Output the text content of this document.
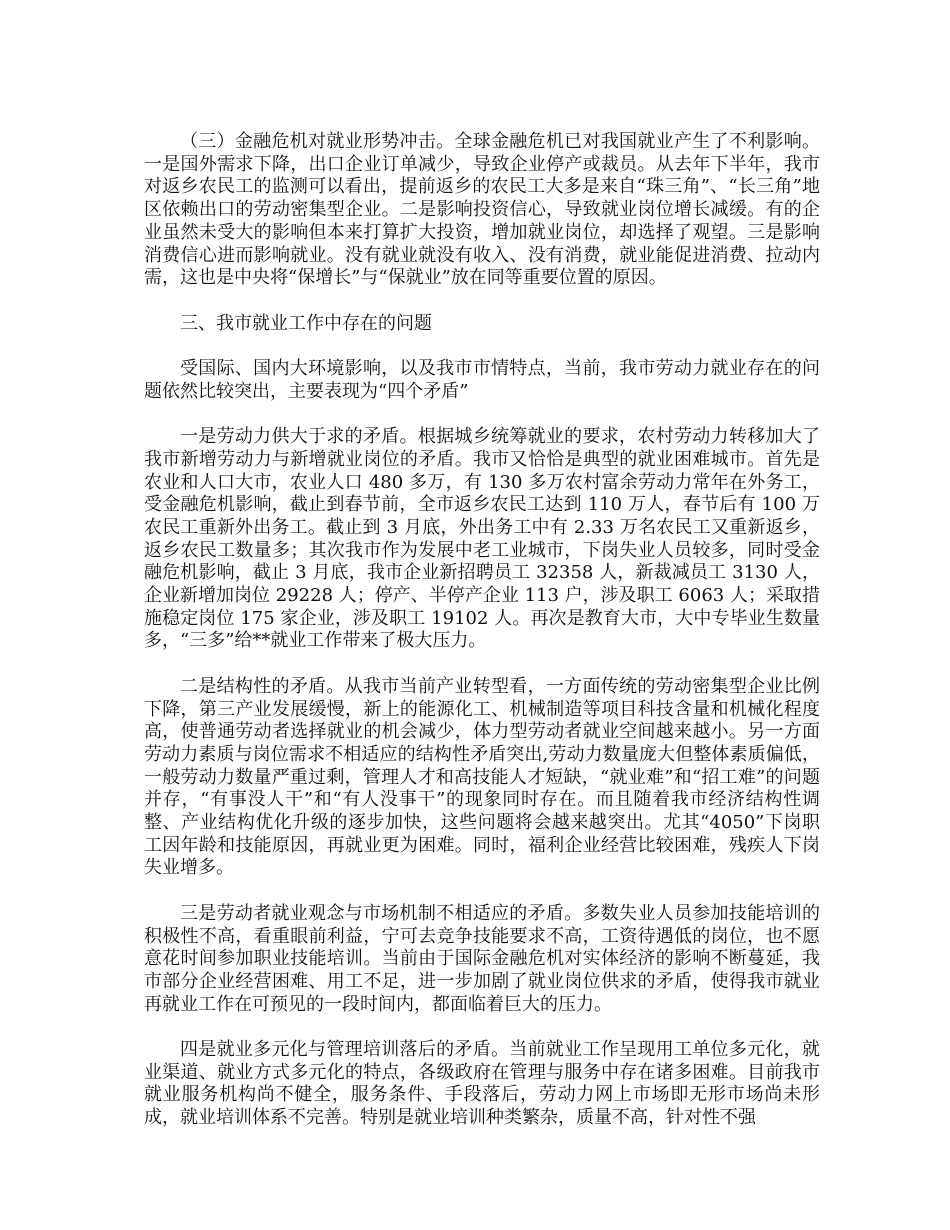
（三）金融危机对就业形势冲击。全球金融危机已对我国就业产生了不利影响。一是国外需求下降，出口企业订单减少，导致企业停产或裁员。从去年下半年，我市对返乡农民工的监测可以看出，提前返乡的农民工大多是来自“珠三角”、“长三角”地区依赖出口的劳动密集型企业。二是影响投资信心，导致就业岗位增长减缓。有的企业虽然未受大的影响但本来打算扩大投资，增加就业岗位，却选择了观望。三是影响消费信心进而影响就业。没有就业就没有收入、没有消费，就业能促进消费、拉动内需，这也是中央将“保增长”与“保就业”放在同等重要位置的原因。

三、我市就业工作中存在的问题

受国际、国内大环境影响，以及我市市情特点，当前，我市劳动力就业存在的问题依然比较突出，主要表现为“四个矛盾”

一是劳动力供大于求的矛盾。根据城乡统筹就业的要求，农村劳动力转移加大了我市新增劳动力与新增就业岗位的矛盾。我市又恰恰是典型的就业困难城市。首先是农业和人口大市，农业人口 480 多万，有 130 多万农村富余劳动力常年在外务工，受金融危机影响，截止到春节前，全市返乡农民工达到 110 万人，春节后有 100 万农民工重新外出务工。截止到 3 月底，外出务工中有 2.33 万名农民工又重新返乡，返乡农民工数量多；其次我市作为发展中老工业城市，下岗失业人员较多，同时受金融危机影响，截止 3 月底，我市企业新招聘员工 32358 人，新裁减员工 3130 人，企业新增加岗位 29228 人；停产、半停产企业 113 户，涉及职工 6063 人；采取措施稳定岗位 175 家企业，涉及职工 19102 人。再次是教育大市，大中专毕业生数量多，“三多”给**就业工作带来了极大压力。

二是结构性的矛盾。从我市当前产业转型看，一方面传统的劳动密集型企业比例下降，第三产业发展缓慢，新上的能源化工、机械制造等项目科技含量和机械化程度高，使普通劳动者选择就业的机会减少，体力型劳动者就业空间越来越小。另一方面劳动力素质与岗位需求不相适应的结构性矛盾突出,劳动力数量庞大但整体素质偏低，一般劳动力数量严重过剩，管理人才和高技能人才短缺，“就业难”和“招工难”的问题并存，“有事没人干”和“有人没事干”的现象同时存在。而且随着我市经济结构性调整、产业结构优化升级的逐步加快，这些问题将会越来越突出。尤其“4050”下岗职工因年龄和技能原因，再就业更为困难。同时，福利企业经营比较困难，残疾人下岗失业增多。

三是劳动者就业观念与市场机制不相适应的矛盾。多数失业人员参加技能培训的积极性不高，看重眼前利益，宁可去竞争技能要求不高，工资待遇低的岗位，也不愿意花时间参加职业技能培训。当前由于国际金融危机对实体经济的影响不断蔓延，我市部分企业经营困难、用工不足，进一步加剧了就业岗位供求的矛盾，使得我市就业再就业工作在可预见的一段时间内，都面临着巨大的压力。

四是就业多元化与管理培训落后的矛盾。当前就业工作呈现用工单位多元化，就业渠道、就业方式多元化的特点，各级政府在管理与服务中存在诸多困难。目前我市就业服务机构尚不健全，服务条件、手段落后，劳动力网上市场即无形市场尚未形成，就业培训体系不完善。特别是就业培训种类繁杂，质量不高，针对性不强
